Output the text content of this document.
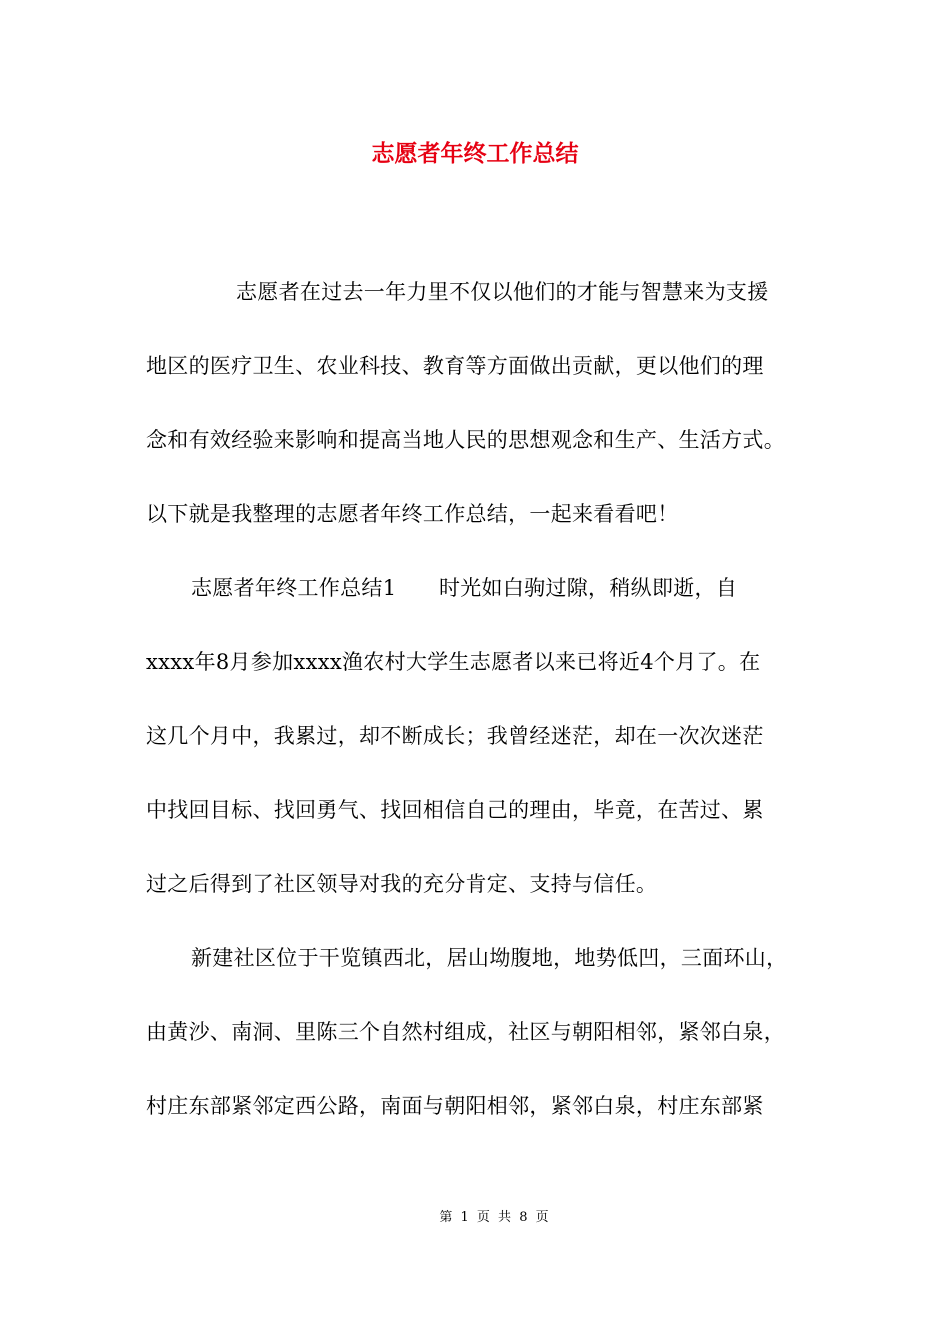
志愿者年终工作总结

志愿者在过去一年力里不仅以他们的才能与智慧来为支援

地区的医疗卫生、农业科技、教育等方面做出贡献，更以他们的理

念和有效经验来影响和提高当地人民的思想观念和生产、生活方式。

以下就是我整理的志愿者年终工作总结，一起来看看吧！

志愿者年终工作总结1　　时光如白驹过隙，稍纵即逝，自

xxxx年8月参加xxxx渔农村大学生志愿者以来已将近4个月了。在

这几个月中，我累过，却不断成长；我曾经迷茫，却在一次次迷茫

中找回目标、找回勇气、找回相信自己的理由，毕竟，在苦过、累

过之后得到了社区领导对我的充分肯定、支持与信任。

新建社区位于干览镇西北，居山坳腹地，地势低凹，三面环山，

由黄沙、南洞、里陈三个自然村组成，社区与朝阳相邻，紧邻白泉，

村庄东部紧邻定西公路，南面与朝阳相邻，紧邻白泉，村庄东部紧

第 1 页 共 8 页
